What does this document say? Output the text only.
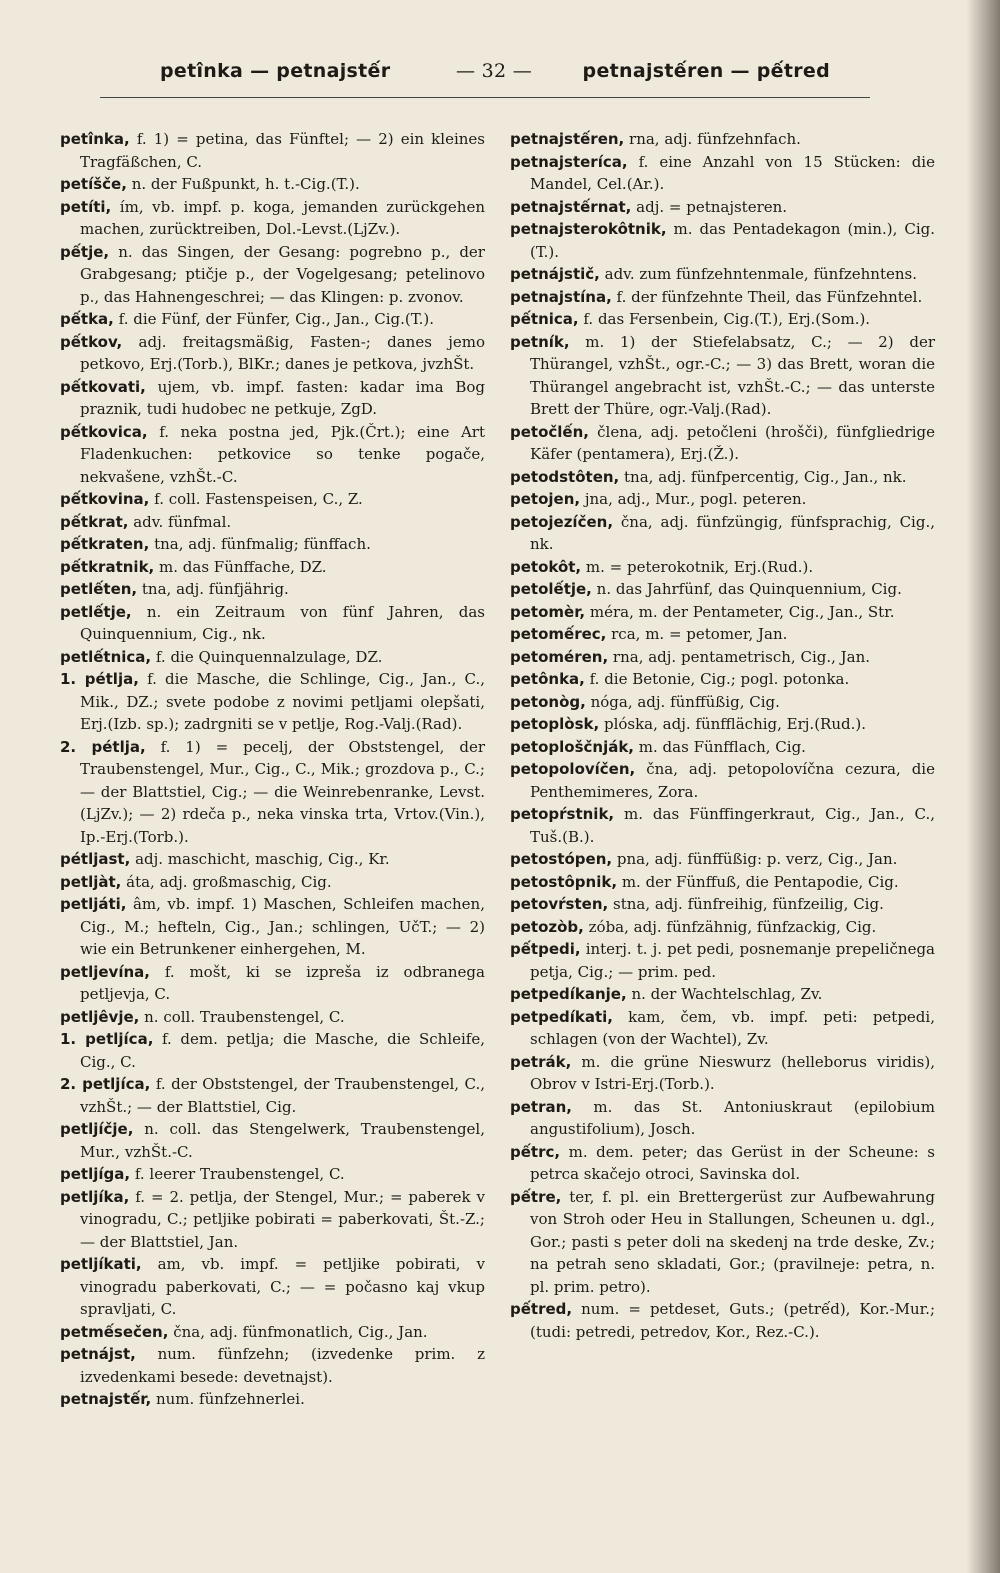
petînka — petnajstếr	— 32 —	petnajstếren — pếtred

petînka, f. 1) = petina, das Fünftel; — 2) ein kleines Tragfäßchen, C.

petíšče, n. der Fußpunkt, h. t.-Cig.(T.).

petíti, ím, vb. impf. p. koga, jemanden zurückgehen machen, zurücktreiben, Dol.-Levst.(LjZv.).

pếtje, n. das Singen, der Gesang: pogrebno p., der Grabgesang; ptičje p., der Vogelgesang; petelinovo p., das Hahnengeschrei; — das Klingen: p. zvonov.

pếtka, f. die Fünf, der Fünfer, Cig., Jan., Cig.(T.).

pếtkov, adj. freitagsmäßig, Fasten-; danes jemo petkovo, Erj.(Torb.), BlKr.; danes je petkova, jvzhŠt.

pếtkovati, ujem, vb. impf. fasten: kadar ima Bog praznik, tudi hudobec ne petkuje, ZgD.

pếtkovica, f. neka postna jed, Pjk.(Črt.); eine Art Fladenkuchen: petkovice so tenke pogače, nekvašene, vzhŠt.-C.

pếtkovina, f. coll. Fastenspeisen, C., Z.

pếtkrat, adv. fünfmal.

pếtkraten, tna, adj. fünfmalig; fünffach.

pếtkratnik, m. das Fünffache, DZ.

petlếten, tna, adj. fünfjährig.

petlếtje, n. ein Zeitraum von fünf Jahren, das Quinquennium, Cig., nk.

petlếtnica, f. die Quinquennalzulage, DZ.

1. pétlja, f. die Masche, die Schlinge, Cig., Jan., C., Mik., DZ.; svete podobe z novimi petljami olepšati, Erj.(Izb. sp.); zadrgniti se v petlje, Rog.-Valj.(Rad).

2. pétlja, f. 1) = pecelj, der Obststengel, der Traubenstengel, Mur., Cig., C., Mik.; grozdova p., C.; — der Blattstiel, Cig.; — die Weinrebenranke, Levst.(LjZv.); — 2) rdeča p., neka vinska trta, Vrtov.(Vin.), Ip.-Erj.(Torb.).

pétljast, adj. maschicht, maschig, Cig., Kr.

petljàt, áta, adj. großmaschig, Cig.

petljáti, âm, vb. impf. 1) Maschen, Schleifen machen, Cig., M.; hefteln, Cig., Jan.; schlingen, UčT.; — 2) wie ein Betrunkener einhergehen, M.

petljevína, f. mošt, ki se izpreša iz odbranega petljevja, C.

petljêvje, n. coll. Traubenstengel, C.

1. petljíca, f. dem. petlja; die Masche, die Schleife, Cig., C.

2. petljíca, f. der Obststengel, der Traubenstengel, C., vzhŠt.; — der Blattstiel, Cig.

petljíčje, n. coll. das Stengelwerk, Traubenstengel, Mur., vzhŠt.-C.

petljíga, f. leerer Traubenstengel, C.

petljíka, f. = 2. petlja, der Stengel, Mur.; = paberek v vinogradu, C.; petljike pobirati = paberkovati, Št.-Z.; — der Blattstiel, Jan.

petljíkati, am, vb. impf. = petljike pobirati, v vinogradu paberkovati, C.; — = počasno kaj vkup spravljati, C.

petmếsečen, čna, adj. fünfmonatlich, Cig., Jan.

petnájst, num. fünfzehn; (izvedenke prim. z izvedenkami besede: devetnajst).

petnajstếr, num. fünfzehnerlei.

petnajstếren, rna, adj. fünfzehnfach.

petnajsteríca, f. eine Anzahl von 15 Stücken: die Mandel, Cel.(Ar.).

petnajstếrnat, adj. = petnajsteren.

petnajsterokôtnik, m. das Pentadekagon (min.), Cig.(T.).

petnájstič, adv. zum fünfzehntenmale, fünfzehntens.

petnajstína, f. der fünfzehnte Theil, das Fünfzehntel.

pếtnica, f. das Fersenbein, Cig.(T.), Erj.(Som.).

petník, m. 1) der Stiefelabsatz, C.; — 2) der Thürangel, vzhŠt., ogr.-C.; — 3) das Brett, woran die Thürangel angebracht ist, vzhŠt.-C.; — das unterste Brett der Thüre, ogr.-Valj.(Rad).

petočlến, člena, adj. petočleni (hrošči), fünfgliedrige Käfer (pentamera), Erj.(Ž.).

petodstôten, tna, adj. fünfpercentig, Cig., Jan., nk.

petojen, jna, adj., Mur., pogl. peteren.

petojezíčen, čna, adj. fünfzüngig, fünfsprachig, Cig., nk.

petokôt, m. = peterokotnik, Erj.(Rud.).

petolếtje, n. das Jahrfünf, das Quinquennium, Cig.

petomèr, méra, m. der Pentameter, Cig., Jan., Str.

petomếrec, rca, m. = petomer, Jan.

petoméren, rna, adj. pentametrisch, Cig., Jan.

petônka, f. die Betonie, Cig.; pogl. potonka.

petonòg, nóga, adj. fünffüßig, Cig.

petoplòsk, plóska, adj. fünfflächig, Erj.(Rud.).

petoploščnják, m. das Fünfflach, Cig.

petopolovíčen, čna, adj. petopolovíčna cezura, die Penthemimeres, Zora.

petopŕstnik, m. das Fünffingerkraut, Cig., Jan., C., Tuš.(B.).

petostópen, pna, adj. fünffüßig: p. verz, Cig., Jan.

petostôpnik, m. der Fünffuß, die Pentapodie, Cig.

petovŕsten, stna, adj. fünfreihig, fünfzeilig, Cig.

petozòb, zóba, adj. fünfzähnig, fünfzackig, Cig.

pếtpedi, interj. t. j. pet pedi, posnemanje prepeličnega petja, Cig.; — prim. ped.

petpedíkanje, n. der Wachtelschlag, Zv.

petpedíkati, kam, čem, vb. impf. peti: petpedi, schlagen (von der Wachtel), Zv.

petrák, m. die grüne Nieswurz (helleborus viridis), Obrov v Istri-Erj.(Torb.).

petran, m. das St. Antoniuskraut (epilobium angustifolium), Josch.

pếtrc, m. dem. peter; das Gerüst in der Scheune: s petrca skačejo otroci, Savinska dol.

pếtre, ter, f. pl. ein Brettergerüst zur Aufbewahrung von Stroh oder Heu in Stallungen, Scheunen u. dgl., Gor.; pasti s peter doli na skedenj na trde deske, Zv.; na petrah seno skladati, Gor.; (pravilneje: petra, n. pl. prim. petro).

pếtred, num. = petdeset, Guts.; (petrếd), Kor.-Mur.; (tudi: petredi, petredov, Kor., Rez.-C.).
